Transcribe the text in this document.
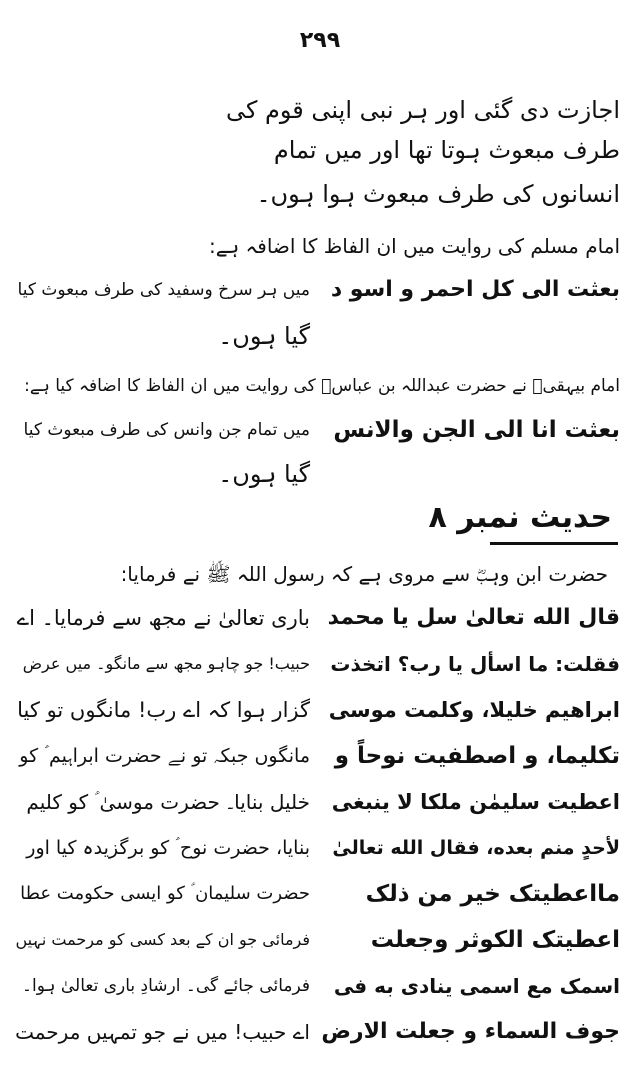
۲۹۹
اجازت دی گئی اور ہر نبی اپنی قوم کی
طرف مبعوث ہوتا تھا اور میں تمام
انسانوں کی طرف مبعوث ہوا ہوں۔
امام مسلم کی روایت میں ان الفاظ کا اضافہ ہے:
بعثت الی کل احمر و اسو د
میں ہر سرخ وسفید کی طرف مبعوث کیا
گیا ہوں۔
امام بیہقیؒ نے حضرت عبداللہ بن عباسؓ کی روایت میں ان الفاظ کا اضافہ کیا ہے:
بعثت انا الی الجن والانس
میں تمام جن وانس کی طرف مبعوث کیا
گیا ہوں۔
حدیث نمبر ۸
حضرت ابن وہبؓ سے مروی ہے کہ رسول اللہ ﷺ نے فرمایا:
قال الله تعالیٰ سل یا محمد
فقلت: ما اسأل یا رب؟ اتخذت
ابراهیم خلیلا، وکلمت موسی
تکلیما، و اصطفیت نوحاً و
اعطیت سلیمٰن ملکا لا ینبغی
لأحدٍ منم بعده، فقال الله تعالیٰ
مااعطیتک خیر من ذلک
اعطیتک الکوثر وجعلت
اسمک مع اسمی ینادی به فی
جوف السماء و جعلت الارض
باری تعالیٰ نے مجھ سے فرمایا۔ اے
حبیب! جو چاہو مجھ سے مانگو۔ میں عرض
گزار ہوا کہ اے رب! مانگوں تو کیا
مانگوں جبکہ تو نے حضرت ابراہیم ؑ کو
خلیل بنایا۔ حضرت موسیٰ ؑ کو کلیم
بنایا، حضرت نوح ؑ کو برگزیدہ کیا اور
حضرت سلیمان ؑ کو ایسی حکومت عطا
فرمائی جو ان کے بعد کسی کو مرحمت نہیں
فرمائی جائے گی۔ ارشادِ باری تعالیٰ ہوا۔
اے حبیب! میں نے جو تمہیں مرحمت
